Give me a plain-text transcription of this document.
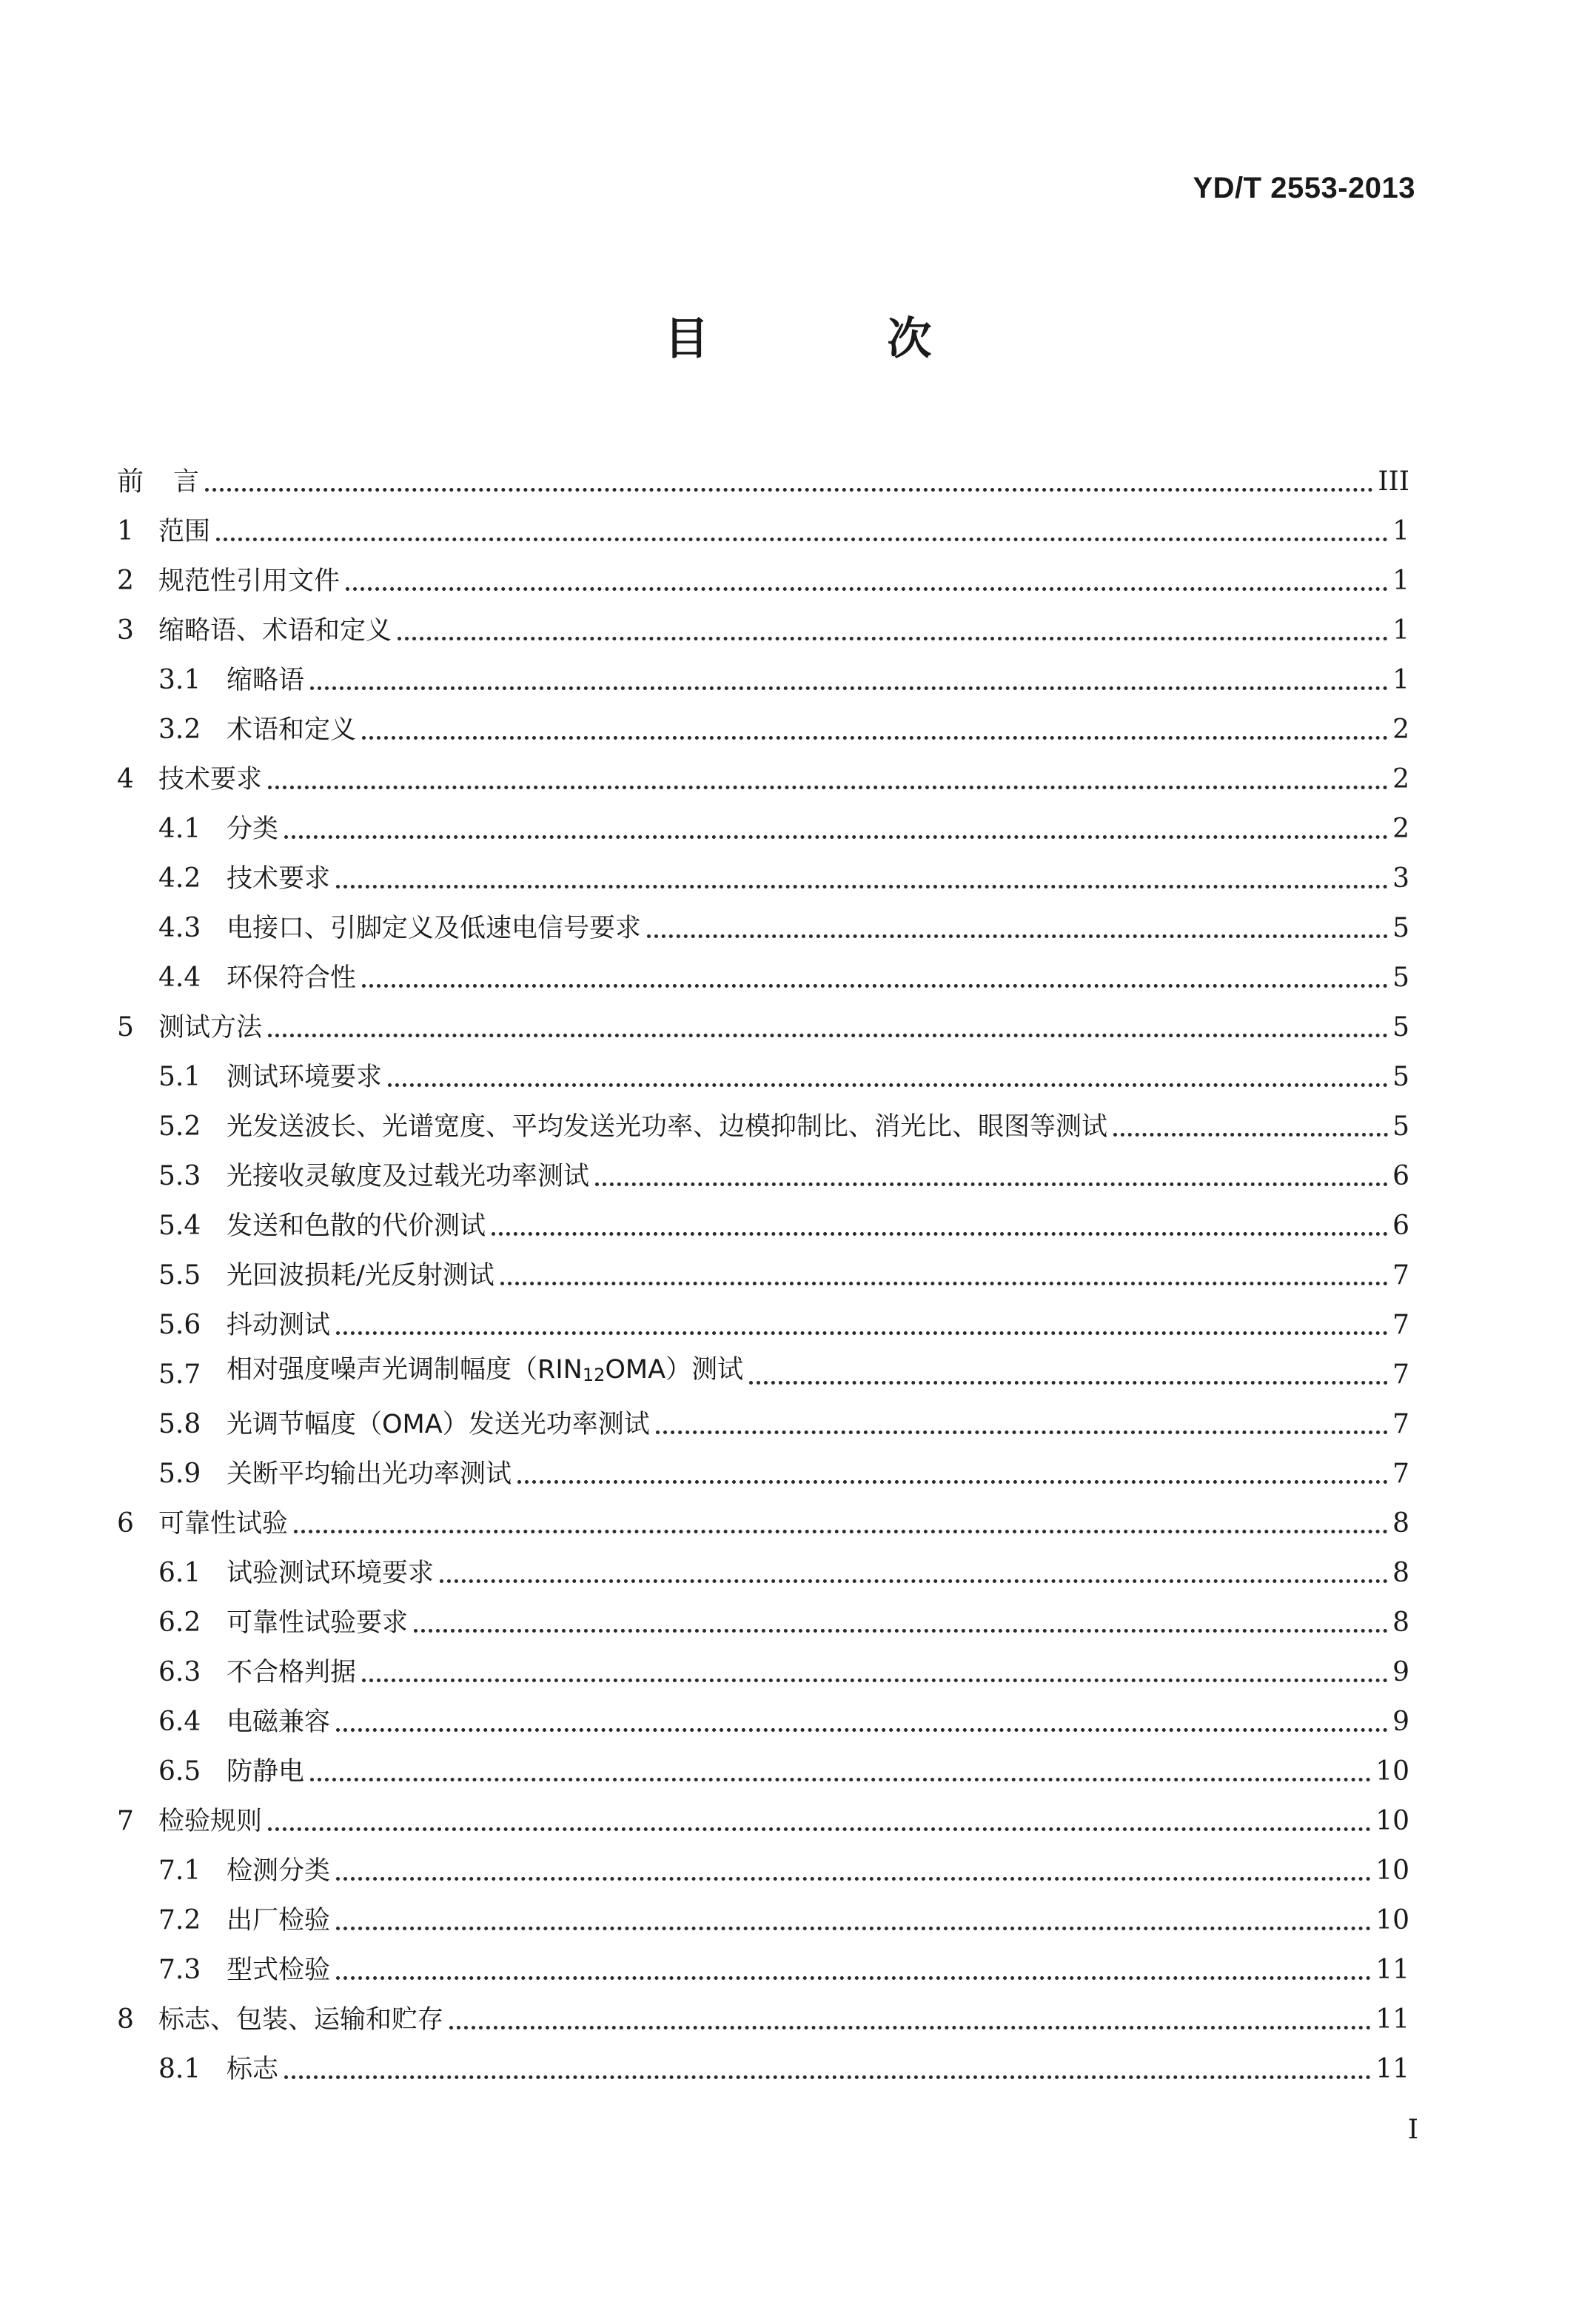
YD/T 2553-2013
目 次
前	言	III
1 范围	1
2 规范性引用文件	1
3 缩略语、术语和定义	1
3.1 缩略语	1
3.2 术语和定义	2
4 技术要求	2
4.1 分类	2
4.2 技术要求	3
4.3 电接口、引脚定义及低速电信号要求	5
4.4 环保符合性	5
5 测试方法	5
5.1 测试环境要求	5
5.2 光发送波长、光谱宽度、平均发送光功率、边模抑制比、消光比、眼图等测试	5
5.3 光接收灵敏度及过载光功率测试	6
5.4 发送和色散的代价测试	6
5.5 光回波损耗/光反射测试	7
5.6 抖动测试	7
5.7 相对强度噪声光调制幅度（RIN12OMA）测试	7
5.8 光调节幅度（OMA）发送光功率测试	7
5.9 关断平均输出光功率测试	7
6 可靠性试验	8
6.1 试验测试环境要求	8
6.2 可靠性试验要求	8
6.3 不合格判据	9
6.4 电磁兼容	9
6.5 防静电	10
7 检验规则	10
7.1 检测分类	10
7.2 出厂检验	10
7.3 型式检验	11
8 标志、包装、运输和贮存	11
8.1 标志	11
I
